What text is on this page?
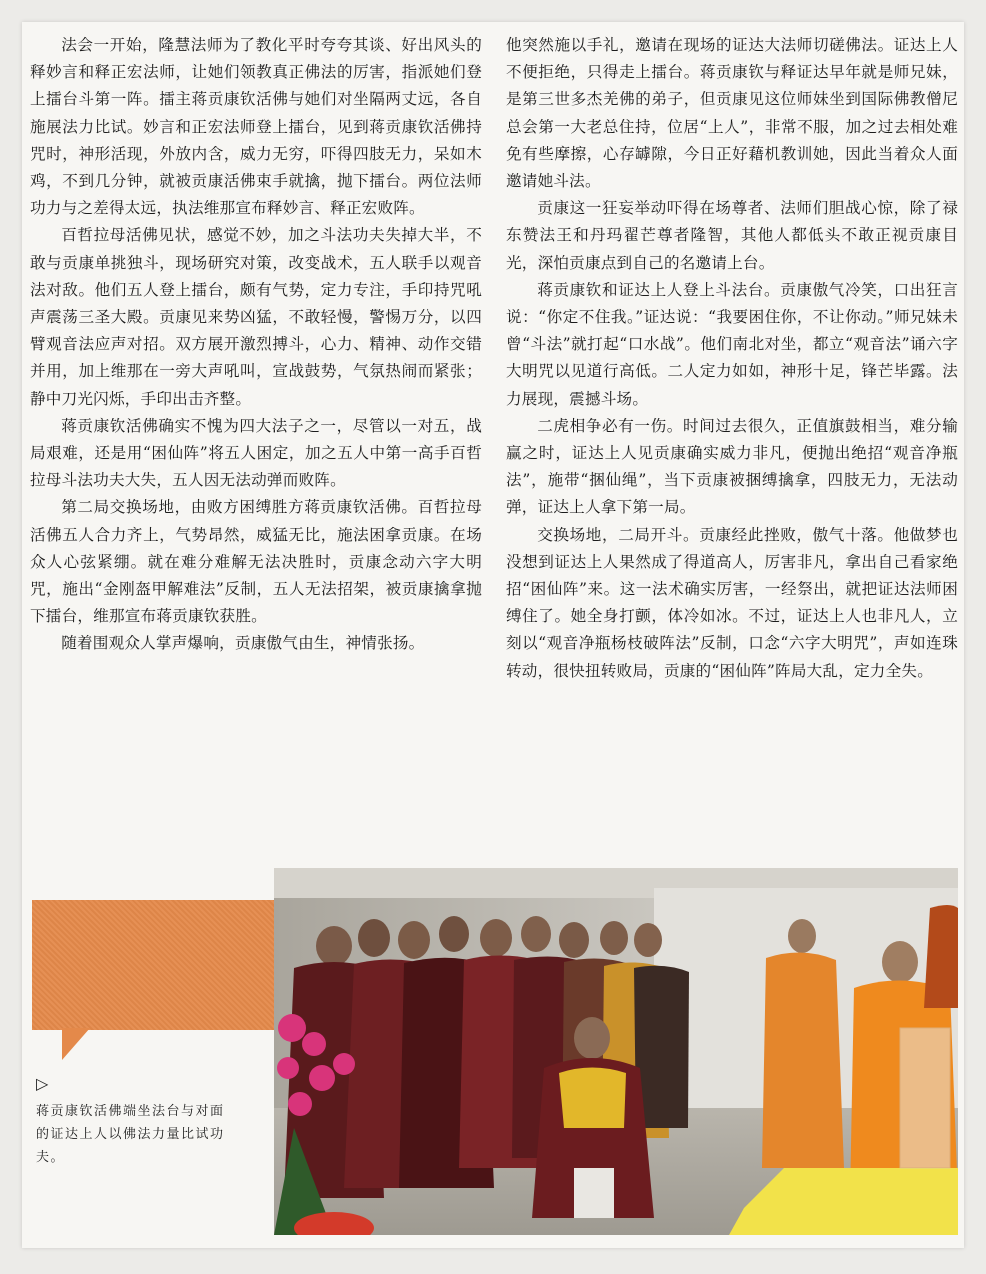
法会一开始，隆慧法师为了教化平时夸夸其谈、好出风头的释妙言和释正宏法师，让她们领教真正佛法的厉害，指派她们登上擂台斗第一阵。擂主蒋贡康钦活佛与她们对坐隔两丈远，各自施展法力比试。妙言和正宏法师登上擂台，见到蒋贡康钦活佛持咒时，神形活现，外放内含，威力无穷，吓得四肢无力，呆如木鸡，不到几分钟，就被贡康活佛束手就擒，抛下擂台。两位法师功力与之差得太远，执法维那宣布释妙言、释正宏败阵。

百哲拉母活佛见状，感觉不妙，加之斗法功夫失掉大半，不敢与贡康单挑独斗，现场研究对策，改变战术，五人联手以观音法对敌。他们五人登上擂台，颇有气势，定力专注，手印持咒吼声震荡三圣大殿。贡康见来势凶猛，不敢轻慢，警惕万分，以四臂观音法应声对招。双方展开激烈搏斗，心力、精神、动作交错并用，加上维那在一旁大声吼叫，宣战鼓势，气氛热闹而紧张；静中刀光闪烁，手印出击齐整。

蒋贡康钦活佛确实不愧为四大法子之一，尽管以一对五，战局艰难，还是用“困仙阵”将五人困定，加之五人中第一高手百哲拉母斗法功夫大失，五人因无法动弹而败阵。

第二局交换场地，由败方困缚胜方蒋贡康钦活佛。百哲拉母活佛五人合力齐上，气势昂然，威猛无比，施法困拿贡康。在场众人心弦紧绷。就在难分难解无法决胜时，贡康念动六字大明咒，施出“金刚盔甲解难法”反制，五人无法招架，被贡康擒拿抛下擂台，维那宣布蒋贡康钦获胜。

随着围观众人掌声爆响，贡康傲气由生，神情张扬。

他突然施以手礼，邀请在现场的证达大法师切磋佛法。证达上人不便拒绝，只得走上擂台。蒋贡康钦与释证达早年就是师兄妹，是第三世多杰羌佛的弟子，但贡康见这位师妹坐到国际佛教僧尼总会第一大老总住持，位居“上人”，非常不服，加之过去相处难免有些摩擦，心存罅隙，今日正好藉机教训她，因此当着众人面邀请她斗法。

贡康这一狂妄举动吓得在场尊者、法师们胆战心惊，除了禄东赞法王和丹玛翟芒尊者隆智，其他人都低头不敢正视贡康目光，深怕贡康点到自己的名邀请上台。

蒋贡康钦和证达上人登上斗法台。贡康傲气冷笑，口出狂言说：“你定不住我。”证达说：“我要困住你，不让你动。”师兄妹未曾“斗法”就打起“口水战”。他们南北对坐，都立“观音法”诵六字大明咒以见道行高低。二人定力如如，神形十足，锋芒毕露。法力展现，震撼斗场。

二虎相争必有一伤。时间过去很久，正值旗鼓相当，难分输赢之时，证达上人见贡康确实威力非凡，便抛出绝招“观音净瓶法”，施带“捆仙绳”，当下贡康被捆缚擒拿，四肢无力，无法动弹，证达上人拿下第一局。

交换场地，二局开斗。贡康经此挫败，傲气十落。他做梦也没想到证达上人果然成了得道高人，厉害非凡，拿出自己看家绝招“困仙阵”来。这一法术确实厉害，一经祭出，就把证达法师困缚住了。她全身打颤，体冷如冰。不过，证达上人也非凡人，立刻以“观音净瓶杨枝破阵法”反制，口念“六字大明咒”，声如连珠转动，很快扭转败局，贡康的“困仙阵”阵局大乱，定力全失。

▷
蒋贡康钦活佛端坐法台与对面的证达上人以佛法力量比试功夫。
